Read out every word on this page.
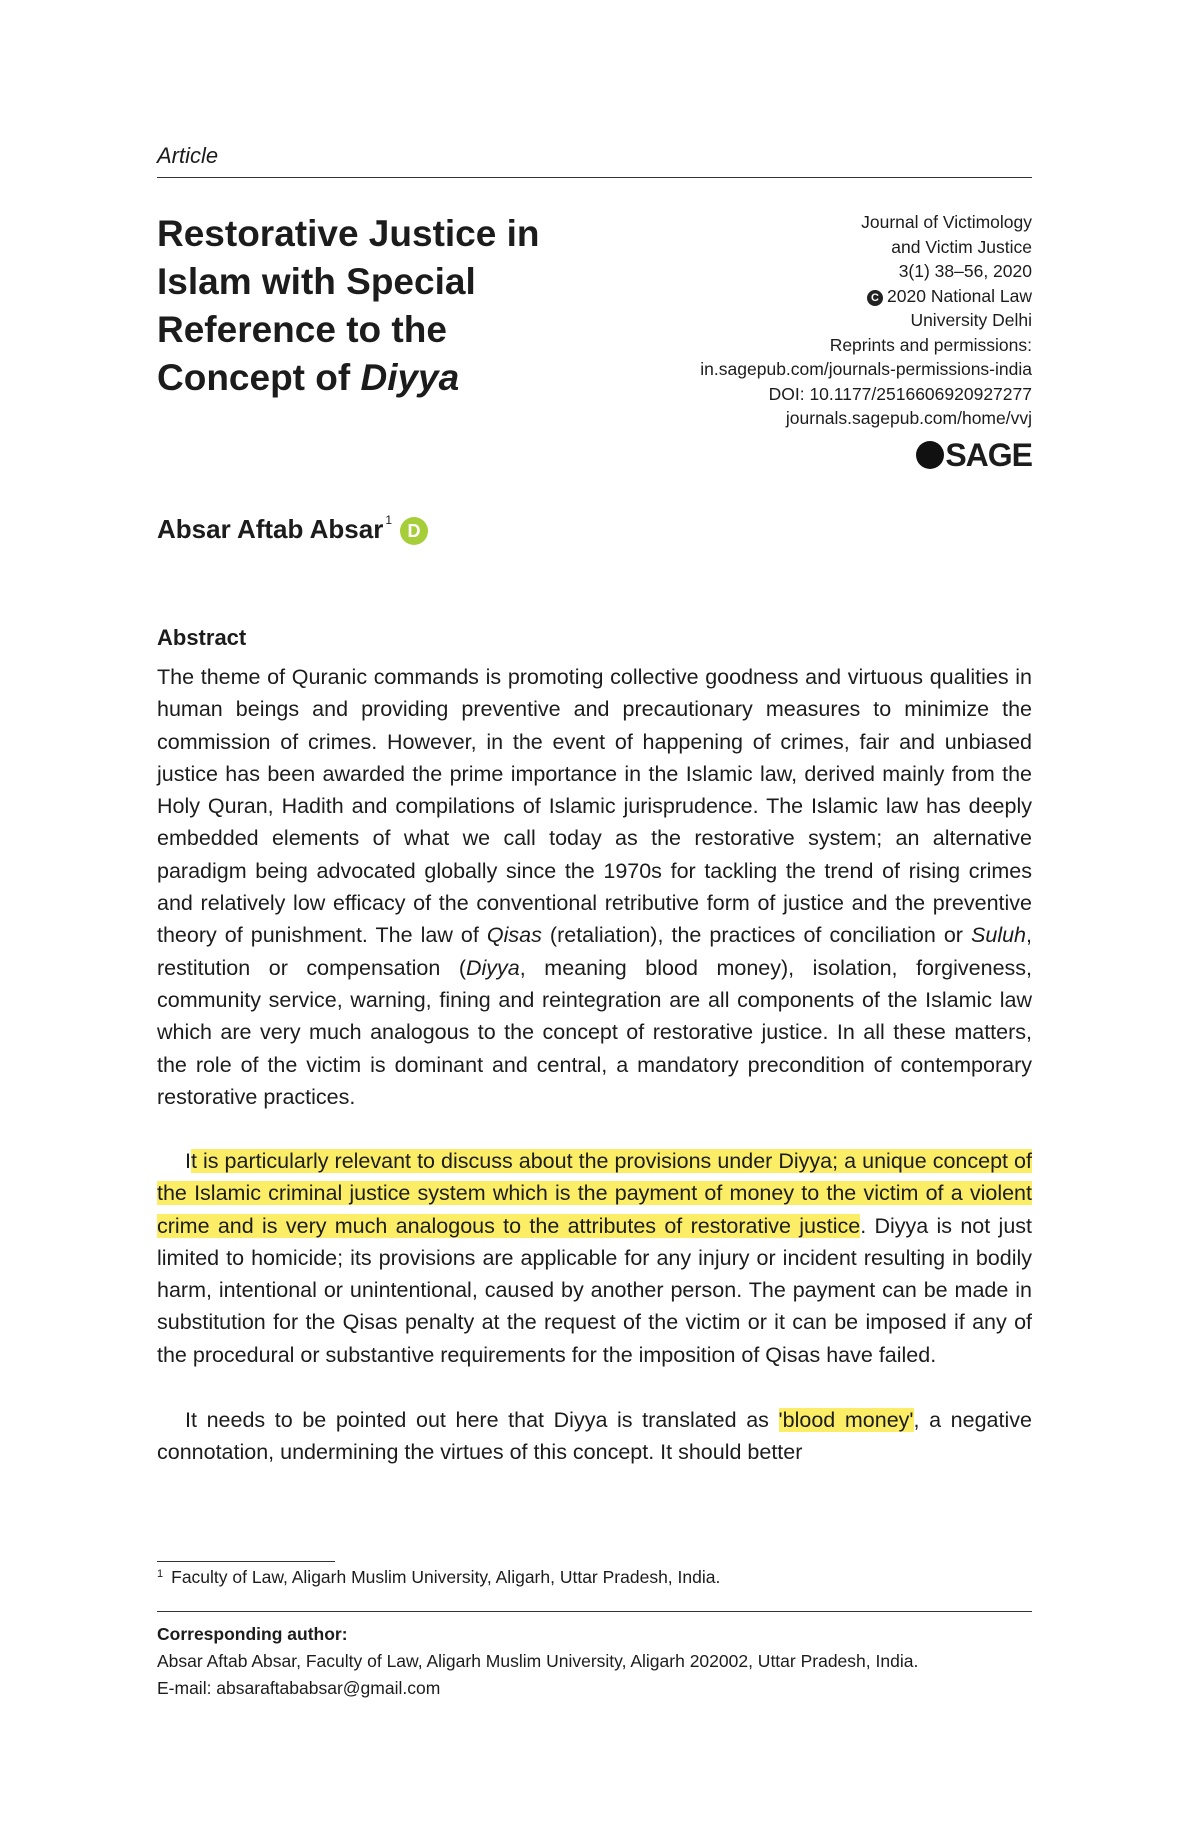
Article
Restorative Justice in
Islam with Special
Reference to the
Concept of Diyya
Journal of Victimology
and Victim Justice
3(1) 38–56, 2020
C 2020 National Law
University Delhi
Reprints and permissions:
in.sagepub.com/journals-permissions-india
DOI: 10.1177/2516606920927277
journals.sagepub.com/home/vvj
SAGE
Absar Aftab Absar $^1$D
Abstract

The theme of Quranic commands is promoting collective goodness and virtuous qualities in human beings and providing preventive and precautionary measures to minimize the commission of crimes. However, in the event of happening of crimes, fair and unbiased justice has been awarded the prime importance in the Islamic law, derived mainly from the Holy Quran, Hadith and compilations of Islamic jurisprudence. The Islamic law has deeply embedded elements of what we call today as the restorative system; an alternative paradigm being advocated globally since the 1970s for tackling the trend of rising crimes and relatively low efficacy of the conventional retributive form of justice and the preventive theory of punishment. The law of Qisas (retaliation), the practices of conciliation or Suluh, restitution or compensation (Diyya, meaning blood money), isolation, forgiveness, community service, warning, fining and reintegration are all components of the Islamic law which are very much analogous to the concept of restorative justice. In all these matters, the role of the victim is dominant and central, a mandatory precondition of contemporary restorative practices.

It is particularly relevant to discuss about the provisions under Diyya; a unique concept of the Islamic criminal justice system which is the payment of money to the victim of a violent crime and is very much analogous to the attributes of restorative justice. Diyya is not just limited to homicide; its provisions are applicable for any injury or incident resulting in bodily harm, intentional or unintentional, caused by another person. The payment can be made in substitution for the Qisas penalty at the request of the victim or it can be imposed if any of the procedural or substantive requirements for the imposition of Qisas have failed.

It needs to be pointed out here that Diyya is translated as 'blood money', a negative connotation, undermining the virtues of this concept. It should better

$^1$ Faculty of Law, Aligarh Muslim University, Aligarh, Uttar Pradesh, India.
Corresponding author:
Absar Aftab Absar, Faculty of Law, Aligarh Muslim University, Aligarh 202002, Uttar Pradesh, India.
E-mail: absaraftababsar@gmail.com
